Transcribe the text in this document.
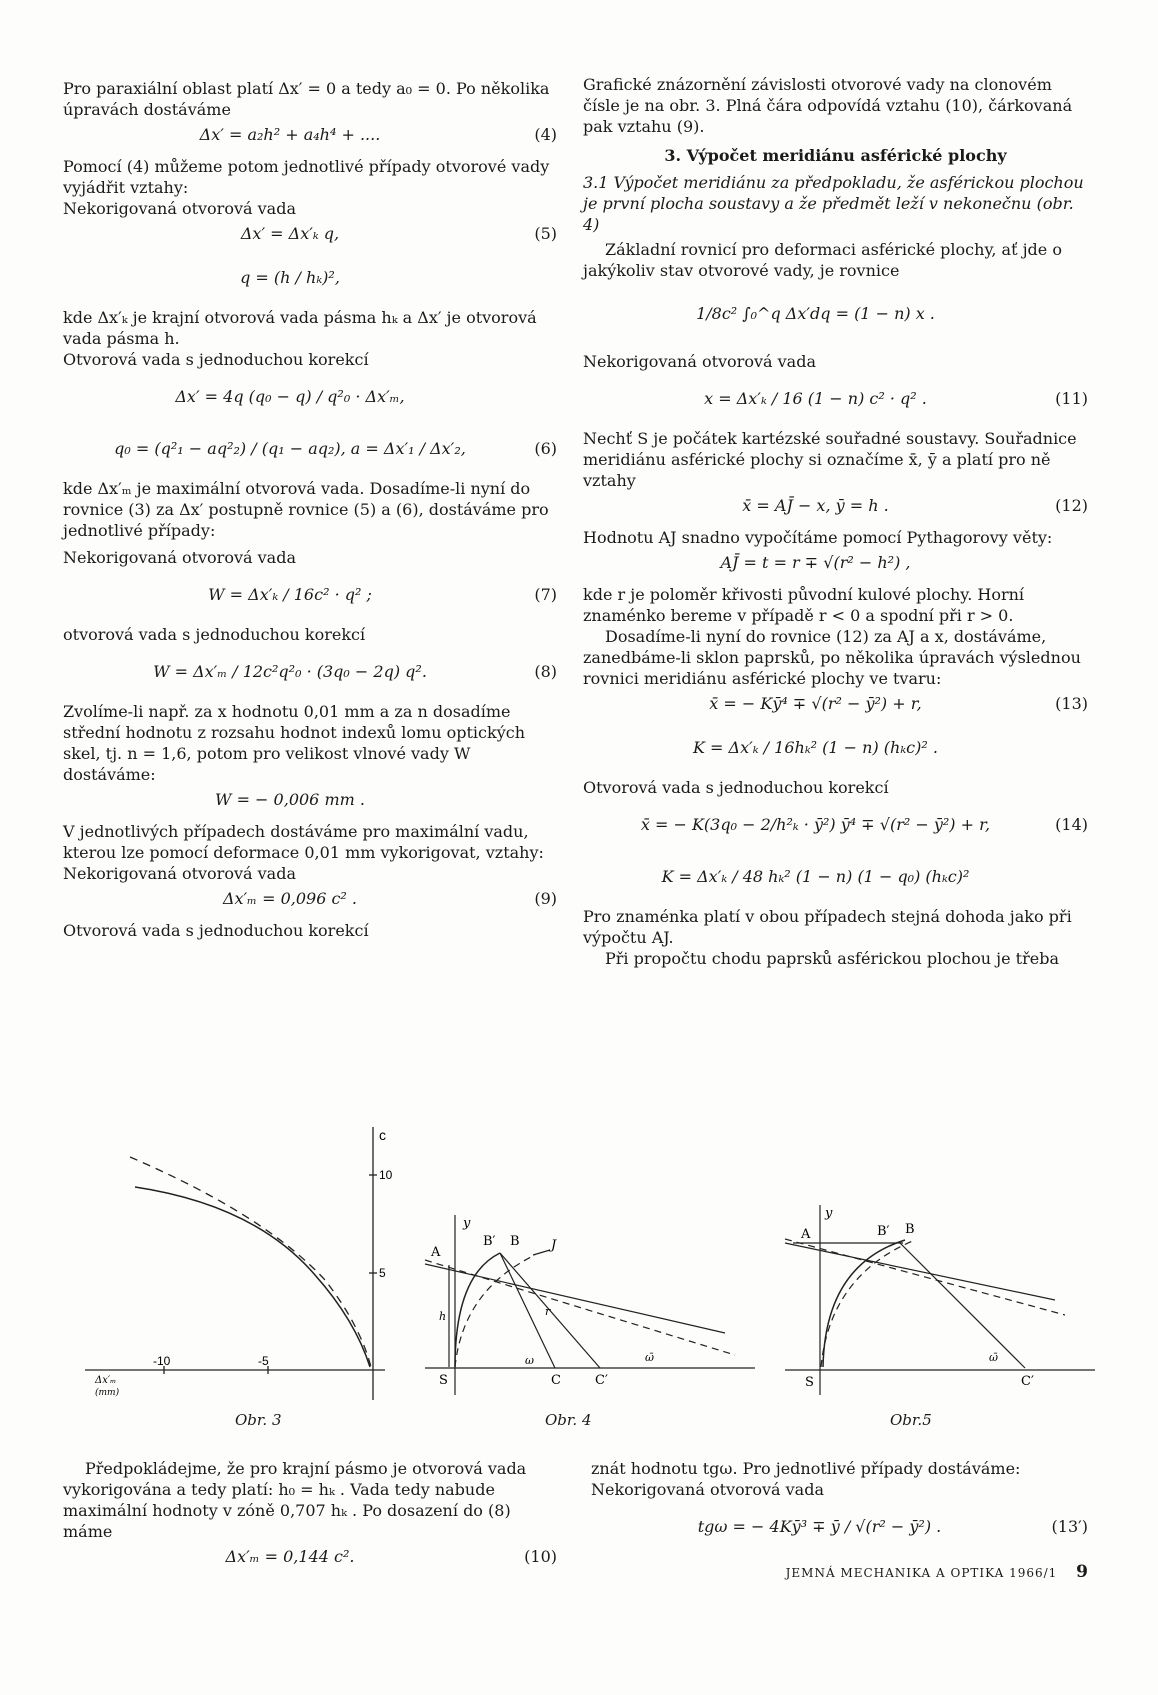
Pro paraxiální oblast platí Δx′ = 0 a tedy a₀ = 0. Po několika úpravách dostáváme

Δx′ = a₂h² + a₄h⁴ + ....	(4)

Pomocí (4) můžeme potom jednotlivé případy otvorové vady vyjádřit vztahy:

Nekorigovaná otvorová vada

Δx′ = Δx′ₖ q,	(5)
q = (h / hₖ)²,

kde Δx′ₖ je krajní otvorová vada pásma hₖ a Δx′ je otvorová vada pásma h.

Otvorová vada s jednoduchou korekcí

Δx′ = 4q (q₀ − q) / q²₀ · Δx′ₘ,
q₀ = (q²₁ − aq²₂) / (q₁ − aq₂), a = Δx′₁ / Δx′₂,	(6)

kde Δx′ₘ je maximální otvorová vada. Dosadíme-li nyní do rovnice (3) za Δx′ postupně rovnice (5) a (6), dostáváme pro jednotlivé případy:

Nekorigovaná otvorová vada

W = Δx′ₖ / 16c² · q² ;	(7)

otvorová vada s jednoduchou korekcí

W = Δx′ₘ / 12c²q²₀ · (3q₀ − 2q) q².	(8)

Zvolíme-li např. za x hodnotu 0,01 mm a za n dosadíme střední hodnotu z rozsahu hodnot indexů lomu optických skel, tj. n = 1,6, potom pro velikost vlnové vady W dostáváme:

W = − 0,006 mm .

V jednotlivých případech dostáváme pro maximální vadu, kterou lze pomocí deformace 0,01 mm vykorigovat, vztahy:

Nekorigovaná otvorová vada

Δx′ₘ = 0,096 c² .	(9)

Otvorová vada s jednoduchou korekcí

Grafické znázornění závislosti otvorové vady na clonovém čísle je na obr. 3. Plná čára odpovídá vztahu (10), čárkovaná pak vztahu (9).

3. Výpočet meridiánu asférické plochy

3.1 Výpočet meridiánu za předpokladu, že asférickou plochou je první plocha soustavy a že předmět leží v nekonečnu (obr. 4)

Základní rovnicí pro deformaci asférické plochy, ať jde o jakýkoliv stav otvorové vady, je rovnice

1/8c² ∫₀^q Δx′dq = (1 − n) x .

Nekorigovaná otvorová vada

x = Δx′ₖ / 16 (1 − n) c² · q² .	(11)

Nechť S je počátek kartézské souřadné soustavy. Souřadnice meridiánu asférické plochy si označíme x̄, ȳ a platí pro ně vztahy

x̄ = AJ̄ − x, ȳ = h .	(12)

Hodnotu AJ snadno vypočítáme pomocí Pythagorovy věty:

AJ̄ = t = r ∓ √(r² − h²) ,

kde r je poloměr křivosti původní kulové plochy. Horní znaménko bereme v případě r < 0 a spodní při r > 0.

Dosadíme-li nyní do rovnice (12) za AJ a x, dostáváme, zanedbáme-li sklon paprsků, po několika úpravách výslednou rovnici meridiánu asférické plochy ve tvaru:

x̄ = − Kȳ⁴ ∓ √(r² − ȳ²) + r,	(13)
K = Δx′ₖ / 16hₖ² (1 − n) (hₖc)² .

Otvorová vada s jednoduchou korekcí

x̄ = − K(3q₀ − 2/h²ₖ · ȳ²) ȳ⁴ ∓ √(r² − ȳ²) + r,	(14)
K = Δx′ₖ / 48 hₖ² (1 − n) (1 − q₀) (hₖc)²

Pro znaménka platí v obou případech stejná dohoda jako při výpočtu AJ.

Při propočtu chodu paprsků asférickou plochou je třeba

c
10
5
-10	-5
Δx′ₘ
(mm)
y
A
B′ B J
h	r
S
ω
C
ω̄
C′
y
A	B′ B
S
ω̄
C′
Obr. 3	Obr. 4	Obr.5

Předpokládejme, že pro krajní pásmo je otvorová vada vykorigována a tedy platí: h₀ = hₖ . Vada tedy nabude maximální hodnoty v zóně 0,707 hₖ . Po dosazení do (8) máme

Δx′ₘ = 0,144 c².	(10)

znát hodnotu tgω. Pro jednotlivé případy dostáváme:

Nekorigovaná otvorová vada

tgω = − 4Kȳ³ ∓ ȳ / √(r² − ȳ²) .	(13′)
JEMNÁ MECHANIKA A OPTIKA 1966/1 9
